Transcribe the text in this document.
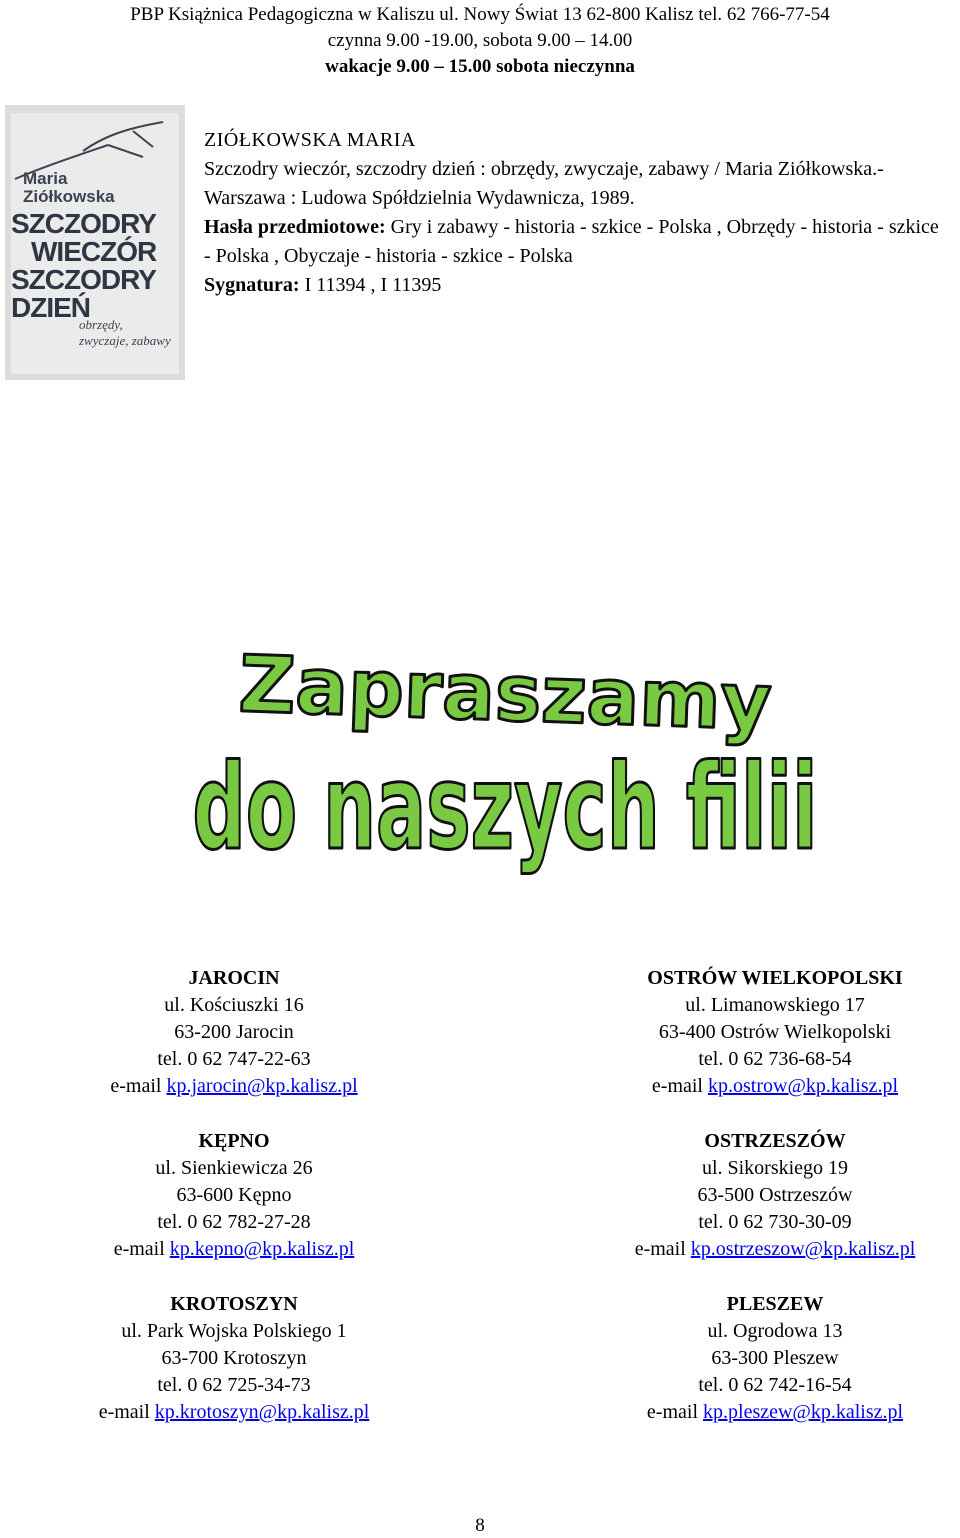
PBP Książnica Pedagogiczna w Kaliszu ul. Nowy Świat 13 62-800 Kalisz tel. 62 766-77-54
czynna 9.00 -19.00, sobota 9.00 – 14.00
wakacje 9.00 – 15.00 sobota nieczynna
Maria
Ziółkowska
SZCZODRY
WIECZÓR
SZCZODRY
DZIEŃ
obrzędy, zwyczaje, zabawy
ZIÓŁKOWSKA MARIA
Szczodry wieczór, szczodry dzień : obrzędy, zwyczaje, zabawy / Maria Ziółkowska.- Warszawa : Ludowa Spółdzielnia Wydawnicza, 1989.
Hasła przedmiotowe: Gry i zabawy - historia - szkice - Polska , Obrzędy - historia - szkice - Polska , Obyczaje - historia - szkice - Polska
Sygnatura: I 11394 , I 11395
Zapraszamy
do naszych filii
JAROCIN
ul. Kościuszki 16
63-200 Jarocin
tel. 0 62 747-22-63
e-mail kp.jarocin@kp.kalisz.pl
KĘPNO
ul. Sienkiewicza 26
63-600 Kępno
tel. 0 62 782-27-28
e-mail kp.kepno@kp.kalisz.pl
KROTOSZYN
ul. Park Wojska Polskiego 1
63-700 Krotoszyn
tel. 0 62 725-34-73
e-mail kp.krotoszyn@kp.kalisz.pl
OSTRÓW WIELKOPOLSKI
ul. Limanowskiego 17
63-400 Ostrów Wielkopolski
tel. 0 62 736-68-54
e-mail kp.ostrow@kp.kalisz.pl
OSTRZESZÓW
ul. Sikorskiego 19
63-500 Ostrzeszów
tel. 0 62 730-30-09
e-mail kp.ostrzeszow@kp.kalisz.pl
PLESZEW
ul. Ogrodowa 13
63-300 Pleszew
tel. 0 62 742-16-54
e-mail kp.pleszew@kp.kalisz.pl
8
